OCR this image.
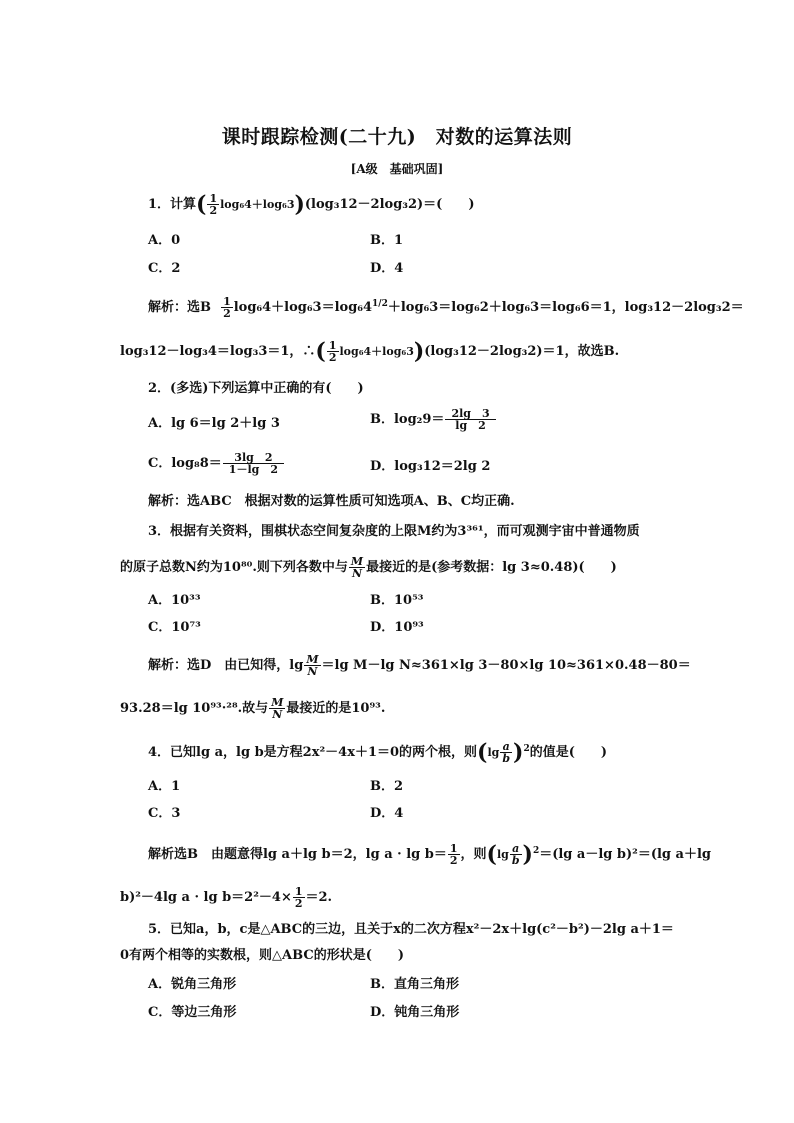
课时跟踪检测(二十九)　对数的运算法则
[A级　基础巩固]
1．计算( $\frac{1}{2} \log_64+\log_63)(\log_312-2\log_32)=$(　　)
A．0	B．1
C．2	D．4
解析：选B $\frac{1}{2} \log_64+\log_63=\log_64^{1/2}+\log_63=\log_62+\log_63=\log_66=1$，log₃12－2log₃2＝
log₃12－log₃4＝log₃3＝1，∴( $\frac{1}{2} \log_64+\log_63)(\log_312-2\log_32)=1$，故选B.
2．(多选)下列运算中正确的有(　　)
A．lg 6＝lg 2＋lg 3	B．$\log_29= \frac{2\lg 3}{\lg 2}$
C．$\log_88= \frac{3\lg 2}{1-\lg 2}$	D．log₃12＝2lg 2
解析：选ABC　根据对数的运算性质可知选项A、B、C均正确.
3．根据有关资料，围棋状态空间复杂度的上限M约为3³⁶¹，而可观测宇宙中普通物质
的原子总数N约为10⁸⁰.则下列各数中与 $\frac{M}{N}$ 最接近的是(参考数据：lg 3≈0.48)(　　)
A．10³³	B．10⁵³
C．10⁷³	D．10⁹³
解析：选D　由已知得，$\lg \frac{M}{N} =\lg$ M－lg N≈361×lg 3－80×lg 10≈361×0.48－80＝
93.28＝lg 10⁹³·²⁸.故与 $\frac{M}{N}$ 最接近的是10⁹³.
4．已知lg a，lg b是方程2x²－4x＋1＝0的两个根，则$(\lg \frac{a}{b} )^2$的值是(　　)
A．1	B．2
C．3	D．4
解析选B　由题意得lg a＋lg b＝2，$\lg a \cdot \lg b= \frac{1}{2}$ ，则$(\lg \frac{a}{b} )^2=(\lg$ a－lg b)²＝(lg a＋lg
b)²－4lg $a \cdot \lg b=2^2-4\times \frac{1}{2} =2$.
5．已知a，b，c是△ABC的三边，且关于x的二次方程x²－2x＋lg(c²－b²)－2lg a＋1＝
0有两个相等的实数根，则△ABC的形状是(　　)
A．锐角三角形	B．直角三角形
C．等边三角形	D．钝角三角形
